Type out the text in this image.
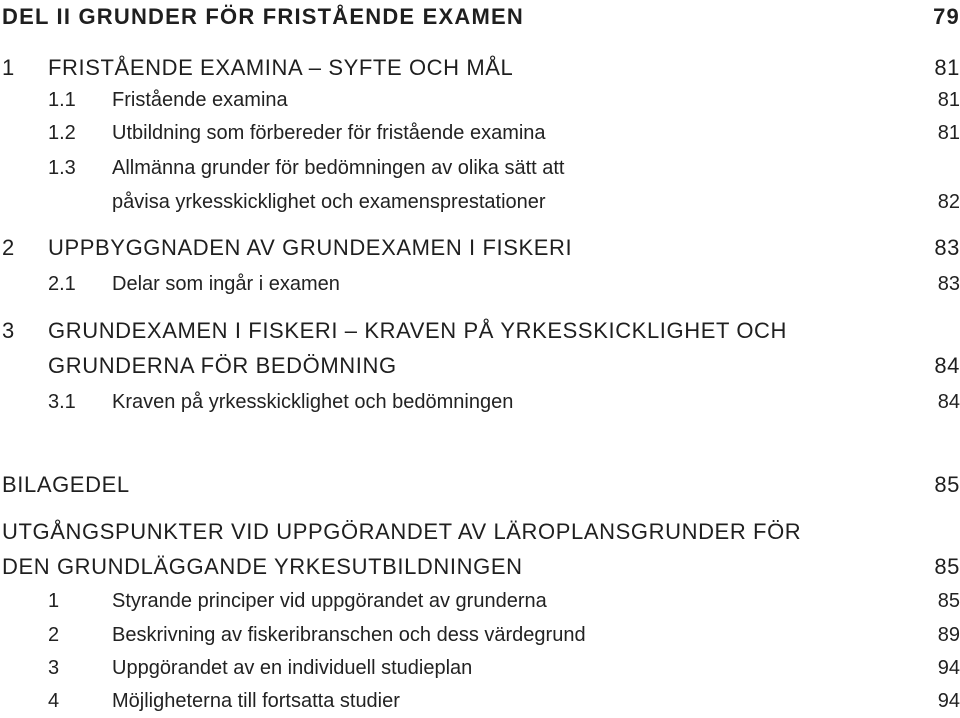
DEL II GRUNDER FÖR FRISTÅENDE EXAMEN	79
1 FRISTÅENDE EXAMINA – SYFTE OCH MÅL	81
1.1 Fristående examina	81
1.2 Utbildning som förbereder för fristående examina	81
1.3 Allmänna grunder för bedömningen av olika sätt att
påvisa yrkesskicklighet och examensprestationer	82
2 UPPBYGGNADEN AV GRUNDEXAMEN I FISKERI	83
2.1 Delar som ingår i examen	83
3 GRUNDEXAMEN I FISKERI – KRAVEN PÅ YRKESSKICKLIGHET OCH
GRUNDERNA FÖR BEDÖMNING	84
3.1 Kraven på yrkesskicklighet och bedömningen	84
BILAGEDEL	85
UTGÅNGSPUNKTER VID UPPGÖRANDET AV LÄROPLANSGRUNDER FÖR
DEN GRUNDLÄGGANDE YRKESUTBILDNINGEN	85
1	Styrande principer vid uppgörandet av grunderna	85
2	Beskrivning av fiskeribranschen och dess värdegrund	89
3	Uppgörandet av en individuell studieplan	94
4	Möjligheterna till fortsatta studier	94
